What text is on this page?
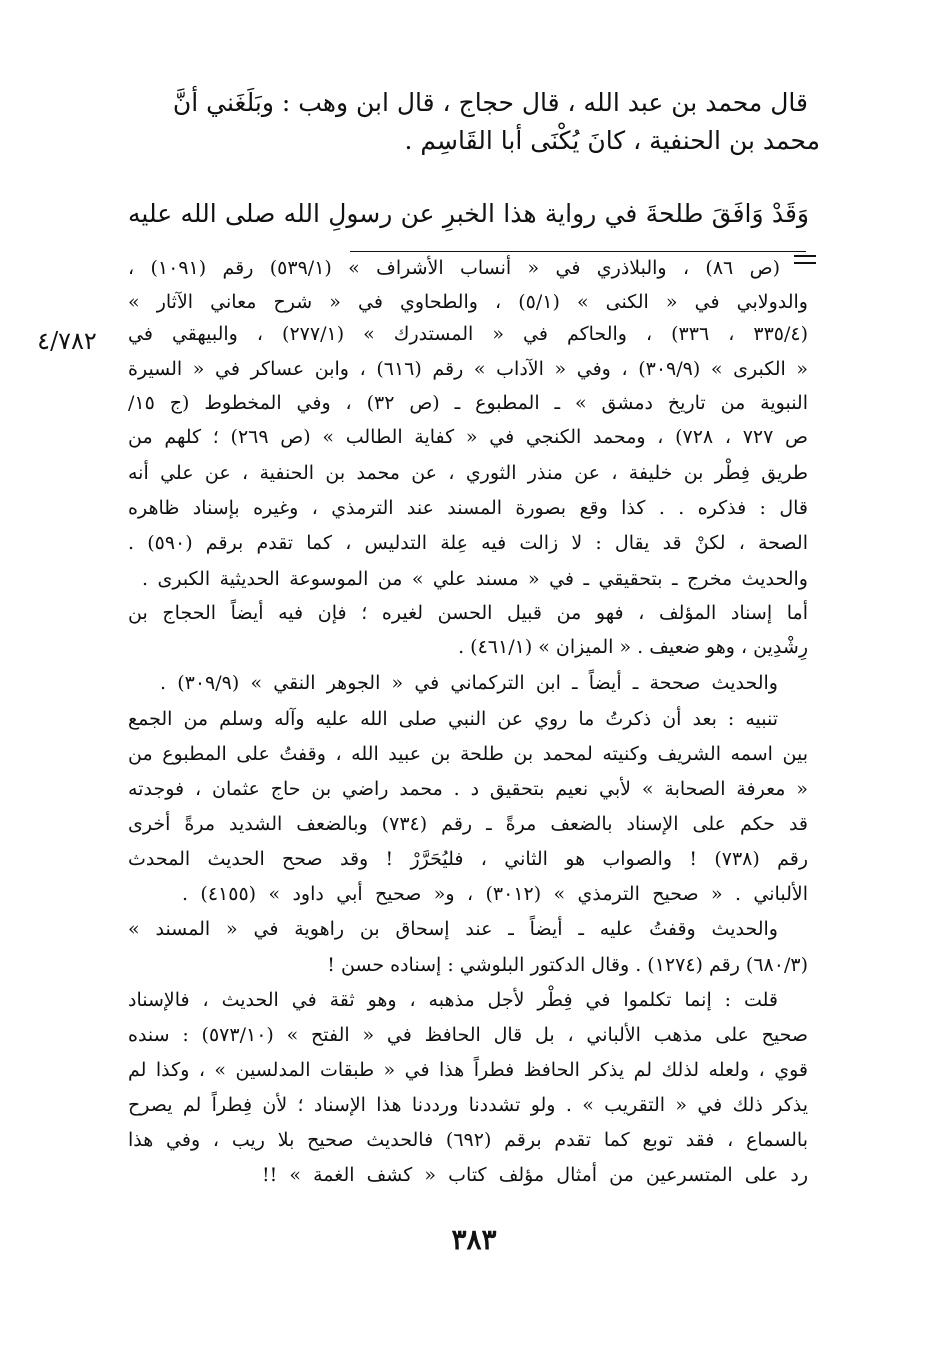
قال محمد بن عبد الله ، قال حجاج ، قال ابن وهب : وبَلَغَني أنَّ
محمد بن الحنفية ، كانَ يُكْنَى أبا القَاسِم .
وَقَدْ وَافَقَ طلحةَ في رواية هذا الخبرِ عن رسولِ الله صلى الله عليه
٤/٧٨٢
(ص ٨٦) ، والبلاذري في « أنساب الأشراف » (٥٣٩/١) رقم (١٠٩١) ،
والدولابي في « الكنى » (٥/١) ، والطحاوي في « شرح معاني الآثار »
(٣٣٥/٤ ، ٣٣٦) ، والحاكم في « المستدرك » (٢٧٧/١) ، والبيهقي في
« الكبرى » (٣٠٩/٩) ، وفي « الآداب » رقم (٦١٦) ، وابن عساكر في « السيرة
النبوية من تاريخ دمشق » ـ المطبوع ـ (ص ٣٢) ، وفي المخطوط (ج ١٥/
ص ٧٢٧ ، ٧٢٨) ، ومحمد الكنجي في « كفاية الطالب » (ص ٢٦٩) ؛ كلهم من
طريق فِطْر بن خليفة ، عن منذر الثوري ، عن محمد بن الحنفية ، عن علي أنه
قال : فذكره . . كذا وقع بصورة المسند عند الترمذي ، وغيره بإسناد ظاهره
الصحة ، لكنْ قد يقال : لا زالت فيه عِلة التدليس ، كما تقدم برقم (٥٩٠) .
والحديث مخرج ـ بتحقيقي ـ في « مسند علي » من الموسوعة الحديثية الكبرى .
أما إسناد المؤلف ، فهو من قبيل الحسن لغيره ؛ فإن فيه أيضاً الحجاج بن
رِشْدِين ، وهو ضعيف . « الميزان » (٤٦١/١) .
والحديث صححة ـ أيضاً ـ ابن التركماني في « الجوهر النقي » (٣٠٩/٩) .
تنبيه : بعد أن ذكرتُ ما روي عن النبي صلى الله عليه وآله وسلم من الجمع
بين اسمه الشريف وكنيته لمحمد بن طلحة بن عبيد الله ، وقفتُ على المطبوع من
« معرفة الصحابة » لأبي نعيم بتحقيق د . محمد راضي بن حاج عثمان ، فوجدته
قد حكم على الإسناد بالضعف مرةً ـ رقم (٧٣٤) وبالضعف الشديد مرةً أخرى
رقم (٧٣٨) ! والصواب هو الثاني ، فليُحَرَّرْ ! وقد صحح الحديث المحدث
الألباني . « صحيح الترمذي » (٣٠١٢) ، و« صحيح أبي داود » (٤١٥٥) .
والحديث وقفتُ عليه ـ أيضاً ـ عند إسحاق بن راهوية في « المسند »
(٦٨٠/٣) رقم (١٢٧٤) . وقال الدكتور البلوشي : إسناده حسن !
قلت : إنما تكلموا في فِطْر لأجل مذهبه ، وهو ثقة في الحديث ، فالإسناد
صحيح على مذهب الألباني ، بل قال الحافظ في « الفتح » (٥٧٣/١٠) : سنده
قوي ، ولعله لذلك لم يذكر الحافظ فطراً هذا في « طبقات المدلسين » ، وكذا لم
يذكر ذلك في « التقريب » . ولو تشددنا ورددنا هذا الإسناد ؛ لأن فِطراً لم يصرح
بالسماع ، فقد توبع كما تقدم برقم (٦٩٢) فالحديث صحيح بلا ريب ، وفي هذا
رد على المتسرعين من أمثال مؤلف كتاب « كشف الغمة » !!
٣٨٣
